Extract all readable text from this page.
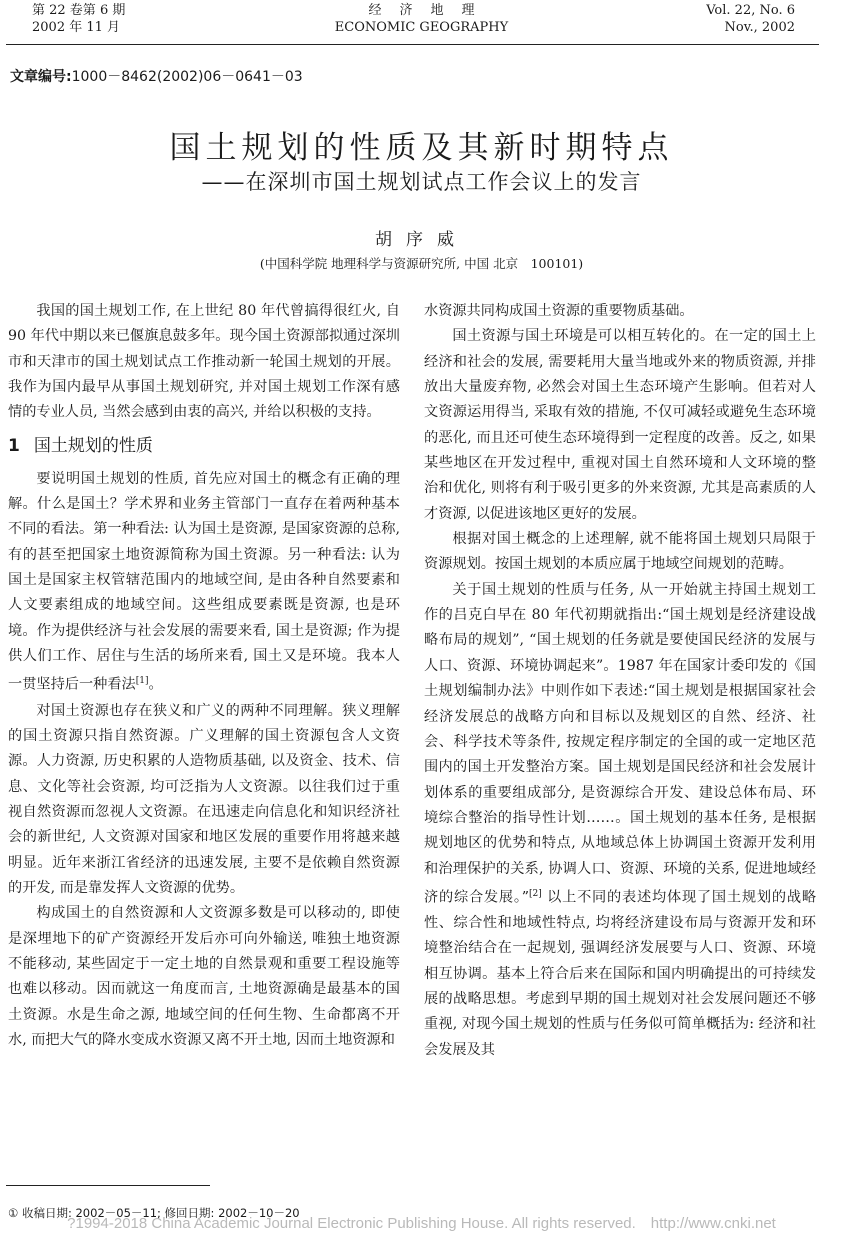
第 22 卷第 6 期
2002 年 11 月
经济地理
ECONOMIC GEOGRAPHY
Vol. 22, No. 6
Nov., 2002
文章编号:1000－8462(2002)06－0641－03
国土规划的性质及其新时期特点
——在深圳市国土规划试点工作会议上的发言
胡序威
(中国科学院 地理科学与资源研究所, 中国 北京　100101)

我国的国土规划工作, 在上世纪 80 年代曾搞得很红火, 自 90 年代中期以来已偃旗息鼓多年。现今国土资源部拟通过深圳市和天津市的国土规划试点工作推动新一轮国土规划的开展。我作为国内最早从事国土规划研究, 并对国土规划工作深有感情的专业人员, 当然会感到由衷的高兴, 并给以积极的支持。

1 国土规划的性质

要说明国土规划的性质, 首先应对国土的概念有正确的理解。什么是国土？学术界和业务主管部门一直存在着两种基本不同的看法。第一种看法: 认为国土是资源, 是国家资源的总称, 有的甚至把国家土地资源简称为国土资源。另一种看法: 认为国土是国家主权管辖范围内的地域空间, 是由各种自然要素和人文要素组成的地域空间。这些组成要素既是资源, 也是环境。作为提供经济与社会发展的需要来看, 国土是资源; 作为提供人们工作、居住与生活的场所来看, 国土又是环境。我本人一贯坚持后一种看法[1]。

对国土资源也存在狭义和广义的两种不同理解。狭义理解的国土资源只指自然资源。广义理解的国土资源包含人文资源。人力资源, 历史积累的人造物质基础, 以及资金、技术、信息、文化等社会资源, 均可泛指为人文资源。以往我们过于重视自然资源而忽视人文资源。在迅速走向信息化和知识经济社会的新世纪, 人文资源对国家和地区发展的重要作用将越来越明显。近年来浙江省经济的迅速发展, 主要不是依赖自然资源的开发, 而是靠发挥人文资源的优势。

构成国土的自然资源和人文资源多数是可以移动的, 即使是深埋地下的矿产资源经开发后亦可向外输送, 唯独土地资源不能移动, 某些固定于一定土地的自然景观和重要工程设施等也难以移动。因而就这一角度而言, 土地资源确是最基本的国土资源。水是生命之源, 地域空间的任何生物、生命都离不开水, 而把大气的降水变成水资源又离不开土地, 因而土地资源和

水资源共同构成国土资源的重要物质基础。

国土资源与国土环境是可以相互转化的。在一定的国土上经济和社会的发展, 需要耗用大量当地或外来的物质资源, 并排放出大量废弃物, 必然会对国土生态环境产生影响。但若对人文资源运用得当, 采取有效的措施, 不仅可减轻或避免生态环境的恶化, 而且还可使生态环境得到一定程度的改善。反之, 如果某些地区在开发过程中, 重视对国土自然环境和人文环境的整治和优化, 则将有利于吸引更多的外来资源, 尤其是高素质的人才资源, 以促进该地区更好的发展。

根据对国土概念的上述理解, 就不能将国土规划只局限于资源规划。按国土规划的本质应属于地域空间规划的范畴。

关于国土规划的性质与任务, 从一开始就主持国土规划工作的吕克白早在 80 年代初期就指出:“国土规划是经济建设战略布局的规划”, “国土规划的任务就是要使国民经济的发展与人口、资源、环境协调起来”。1987 年在国家计委印发的《国土规划编制办法》中则作如下表述:“国土规划是根据国家社会经济发展总的战略方向和目标以及规划区的自然、经济、社会、科学技术等条件, 按规定程序制定的全国的或一定地区范围内的国土开发整治方案。国土规划是国民经济和社会发展计划体系的重要组成部分, 是资源综合开发、建设总体布局、环境综合整治的指导性计划……。国土规划的基本任务, 是根据规划地区的优势和特点, 从地域总体上协调国土资源开发利用和治理保护的关系, 协调人口、资源、环境的关系, 促进地域经济的综合发展。”[2] 以上不同的表述均体现了国土规划的战略性、综合性和地域性特点, 均将经济建设布局与资源开发和环境整治结合在一起规划, 强调经济发展要与人口、资源、环境相互协调。基本上符合后来在国际和国内明确提出的可持续发展的战略思想。考虑到早期的国土规划对社会发展问题还不够重视, 对现今国土规划的性质与任务似可简单概括为: 经济和社会发展及其

① 收稿日期: 2002－05－11; 修回日期: 2002－10－20
?1994-2018 China Academic Journal Electronic Publishing House. All rights reserved.　http://www.cnki.net
